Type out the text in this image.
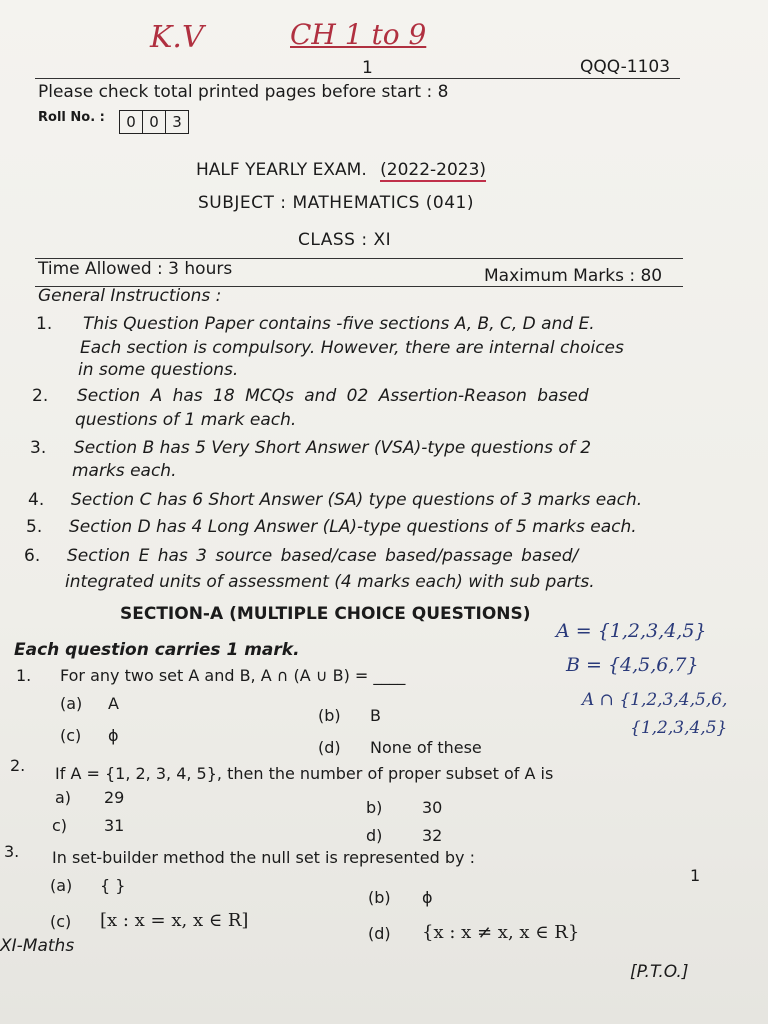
K.V	CH 1 to 9
1	QQQ-1103
Please check total printed pages before start : 8
Roll No. :	0 0 3
HALF YEARLY EXAM. (2022-2023)
SUBJECT : MATHEMATICS (041)
CLASS : XI
Time Allowed : 3 hours	Maximum Marks : 80
General Instructions :
1. This Question Paper contains -five sections A, B, C, D and E.
Each section is compulsory. However, there are internal choices
in some questions.
2. Section A has 18 MCQs and 02 Assertion-Reason based
questions of 1 mark each.
3. Section B has 5 Very Short Answer (VSA)-type questions of 2
marks each.
4. Section C has 6 Short Answer (SA) type questions of 3 marks each.
5. Section D has 4 Long Answer (LA)-type questions of 5 marks each.
6. Section E has 3 source based/case based/passage based/
integrated units of assessment (4 marks each) with sub parts.
SECTION-A (MULTIPLE CHOICE QUESTIONS)
Each question carries 1 mark.
1. For any two set A and B, A ∩ (A ∪ B) = ____
(a) A
(b) B
(c) ϕ
(d) None of these
2. If A = {1, 2, 3, 4, 5}, then the number of proper subset of A is
a) 29
b) 30
c) 31
d) 32
3. In set-builder method the null set is represented by :
1
(a) { }
(b) ϕ
(c) [x : x = x, x ∈ R]
(d) {x : x ≠ x, x ∈ R}
A = {1,2,3,4,5}
B = {4,5,6,7}
A ∩ {1,2,3,4,5,6,
{1,2,3,4,5}
XI-Maths
[P.T.O.]
